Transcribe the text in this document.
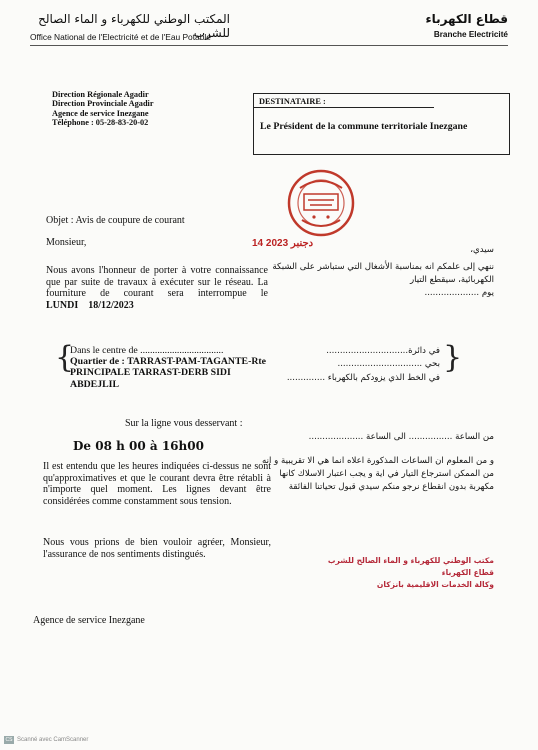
المكتب الوطني للكهرباء و الماء الصالح للشرب
Office National de l'Electricité et de l'Eau Potable
قطاع الكهرباء
Branche Electricité
Direction Régionale Agadir
Direction Provinciale Agadir
Agence de service Inezgane
Téléphone : 05-28-83-20-02
DESTINATAIRE :
Le Président de la commune territoriale Inezgane
14 دجنبر 2023
Objet : Avis de coupure de courant
Monsieur,
Nous avons l'honneur de porter à votre connaissance que par suite de travaux à exécuter sur le réseau. La fourniture de courant sera interrompue le LUNDI 18/12/2023
{
Dans le centre de ..................................
Quartier de : TARRAST-PAM-TAGANTE-Rte PRINCIPALE TARRAST-DERB SIDI ABDEJLIL
Sur la ligne vous desservant :
De 08 h 00 à 16h00
Il est entendu que les heures indiquées ci-dessus ne sont qu'approximatives et que le courant devra être rétabli à n'importe quel moment. Les lignes devant être considérées comme constamment sous tension.
Nous vous prions de bien vouloir agréer, Monsieur, l'assurance de nos sentiments distingués.
Agence de service Inezgane
سيدي،
ننهي إلى علمكم انه بمناسبة الأشغال التي ستباشر على الشبكة الكهربائية، سيقطع التيار
يوم ....................
{
في دائرة..............................
بحي ...............................
في الخط الذي يزودكم بالكهرباء ..............
من الساعة ................ الى الساعة ....................
و من المعلوم ان الساعات المذكورة اعلاه انما هي الا تقريبية و انه من الممكن استرجاع التيار في اية و يجب اعتبار الاسلاك كانها مكهربة بدون انقطاع نرجو منكم سيدي قبول تحياتنا الفائقة
مكتب الوطني للكهرباء و الماء الصالح للشرب
قطاع الكهرباء
وكالة الخدمات الاقليمية بانزكان
CS Scanné avec CamScanner
